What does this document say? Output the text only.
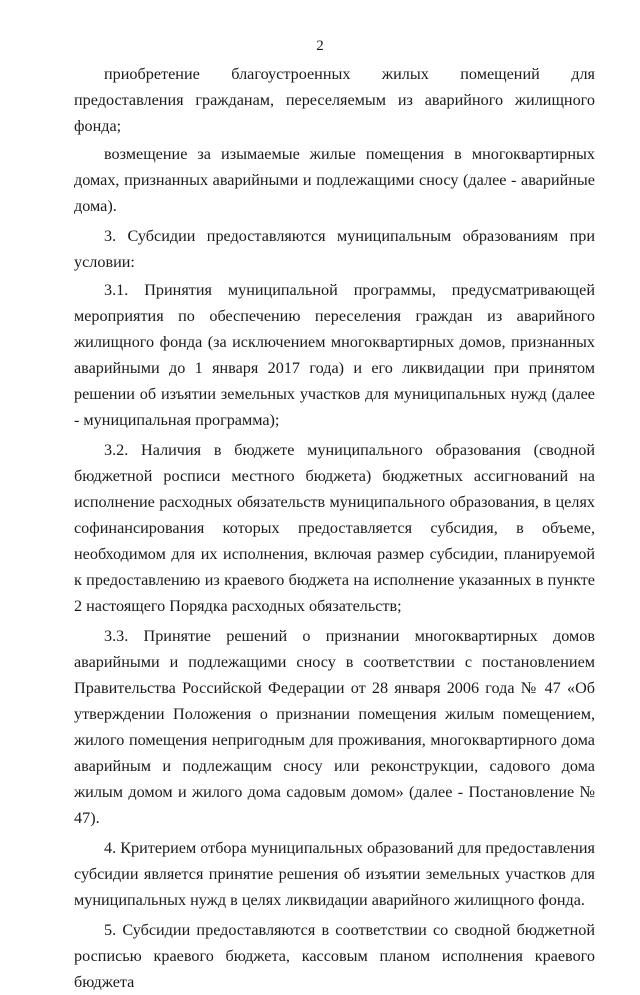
2

приобретение благоустроенных жилых помещений для предоставления гражданам, переселяемым из аварийного жилищного фонда;

возмещение за изымаемые жилые помещения в многоквартирных домах, признанных аварийными и подлежащими сносу (далее - аварийные дома).

3. Субсидии предоставляются муниципальным образованиям при условии:

3.1. Принятия муниципальной программы, предусматривающей мероприятия по обеспечению переселения граждан из аварийного жилищного фонда (за исключением многоквартирных домов, признанных аварийными до 1 января 2017 года) и его ликвидации при принятом решении об изъятии земельных участков для муниципальных нужд (далее - муниципальная программа);

3.2. Наличия в бюджете муниципального образования (сводной бюджетной росписи местного бюджета) бюджетных ассигнований на исполнение расходных обязательств муниципального образования, в целях софинансирования которых предоставляется субсидия, в объеме, необходимом для их исполнения, включая размер субсидии, планируемой к предоставлению из краевого бюджета на исполнение указанных в пункте 2 настоящего Порядка расходных обязательств;

3.3. Принятие решений о признании многоквартирных домов аварийными и подлежащими сносу в соответствии с постановлением Правительства Российской Федерации от 28 января 2006 года № 47 «Об утверждении Положения о признании помещения жилым помещением, жилого помещения непригодным для проживания, многоквартирного дома аварийным и подлежащим сносу или реконструкции, садового дома жилым домом и жилого дома садовым домом» (далее - Постановление № 47).

4. Критерием отбора муниципальных образований для предоставления субсидии является принятие решения об изъятии земельных участков для муниципальных нужд в целях ликвидации аварийного жилищного фонда.

5. Субсидии предоставляются в соответствии со сводной бюджетной росписью краевого бюджета, кассовым планом исполнения краевого бюджета
